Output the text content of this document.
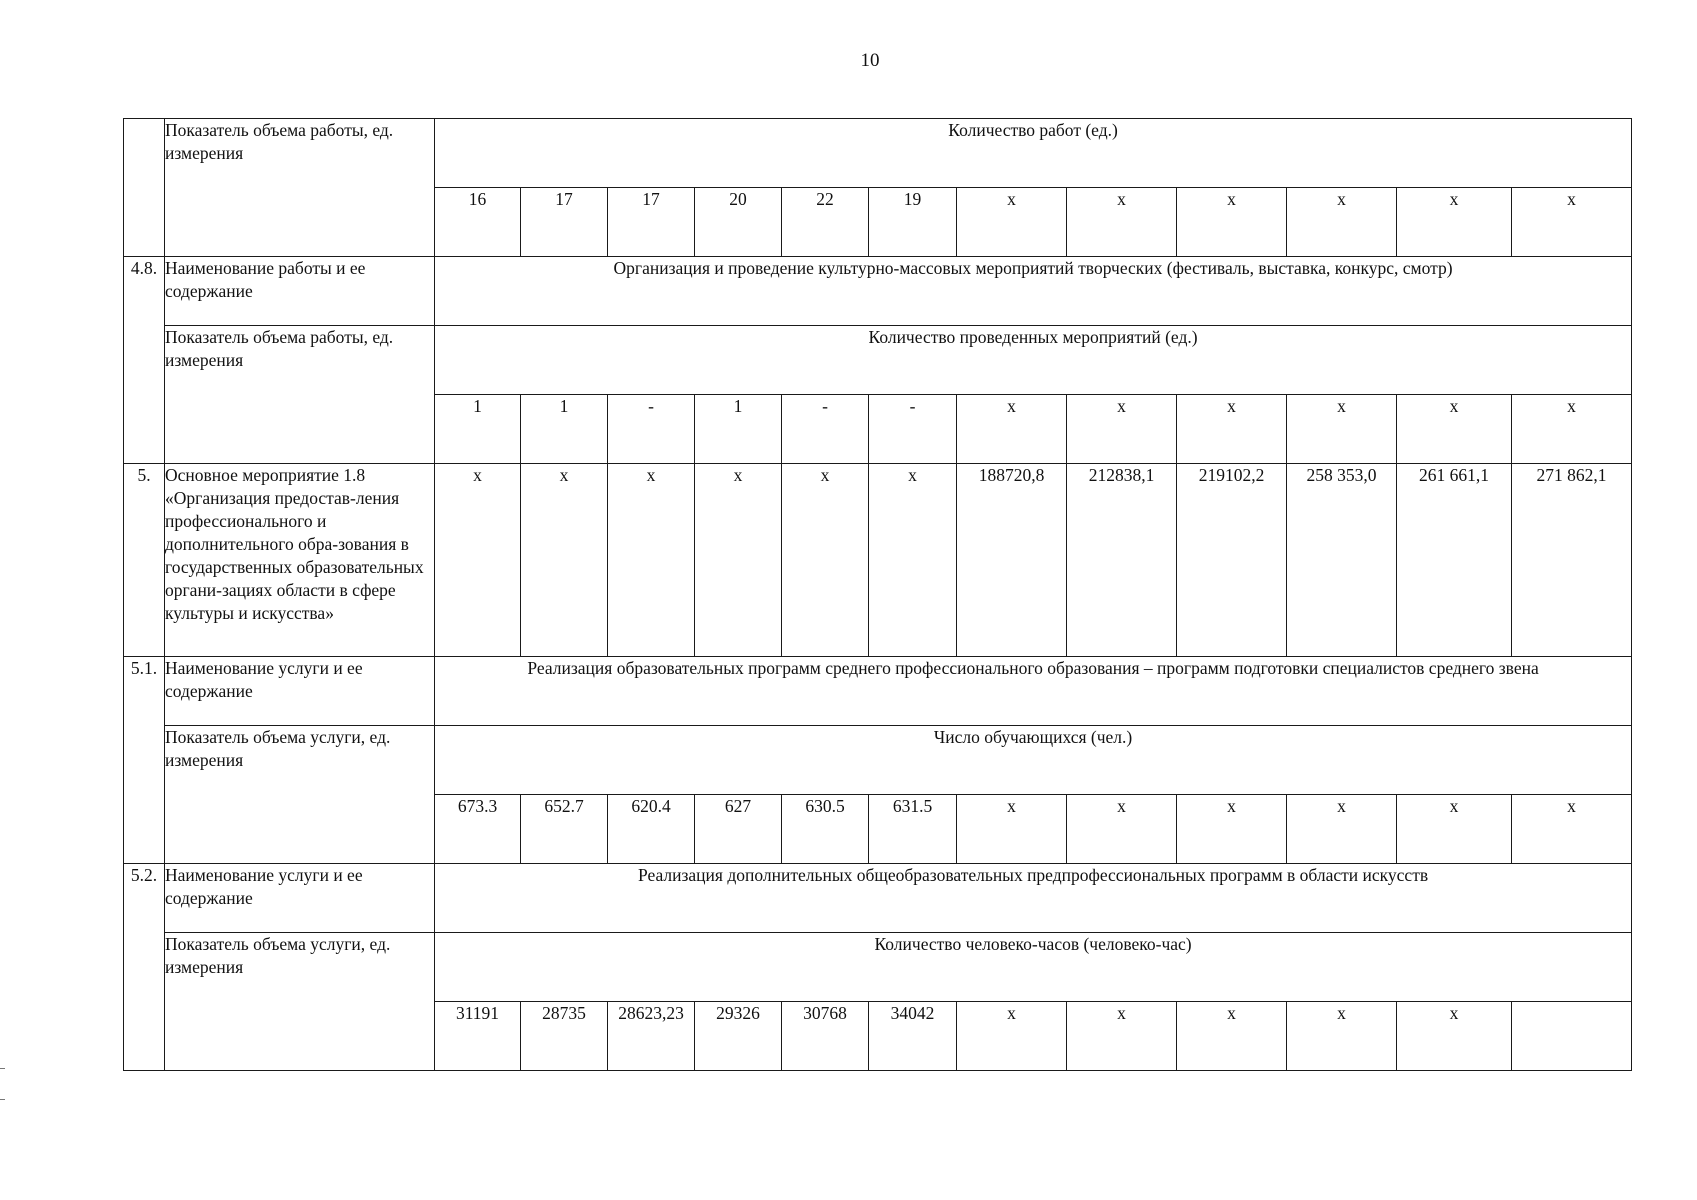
10
	Показатель объема работы, ед. измерения	Количество работ (ед.)											
		16	17	17	20	22	19	х	х	х	х	х	х
4.8.	Наименование работы и ее содержание	Организация и проведение культурно-массовых мероприятий творческих (фестиваль, выставка, конкурс, смотр)											
	Показатель объема работы, ед. измерения	Количество проведенных мероприятий (ед.)											
		1	1	-	1	-	-	х	х	х	х	х	х
5.	Основное мероприятие 1.8 «Организация предостав-ления профессионального и дополнительного обра-зования в государственных образовательных органи-зациях области в сфере культуры и искусства»	х	х	х	х	х	х	188720,8	212838,1	219102,2	258 353,0	261 661,1	271 862,1
5.1.	Наименование услуги и ее содержание	Реализация образовательных программ среднего профессионального образования – программ подготовки специалистов среднего звена											
	Показатель объема услуги, ед. измерения	Число обучающихся (чел.)											
		673.3	652.7	620.4	627	630.5	631.5	х	х	х	х	х	х
5.2.	Наименование услуги и ее содержание	Реализация дополнительных общеобразовательных предпрофессиональных программ в области искусств											
	Показатель объема услуги, ед. измерения	Количество человеко-часов (человеко-час)											
		31191	28735	28623,23	29326	30768	34042	х	х	х	х	х	
